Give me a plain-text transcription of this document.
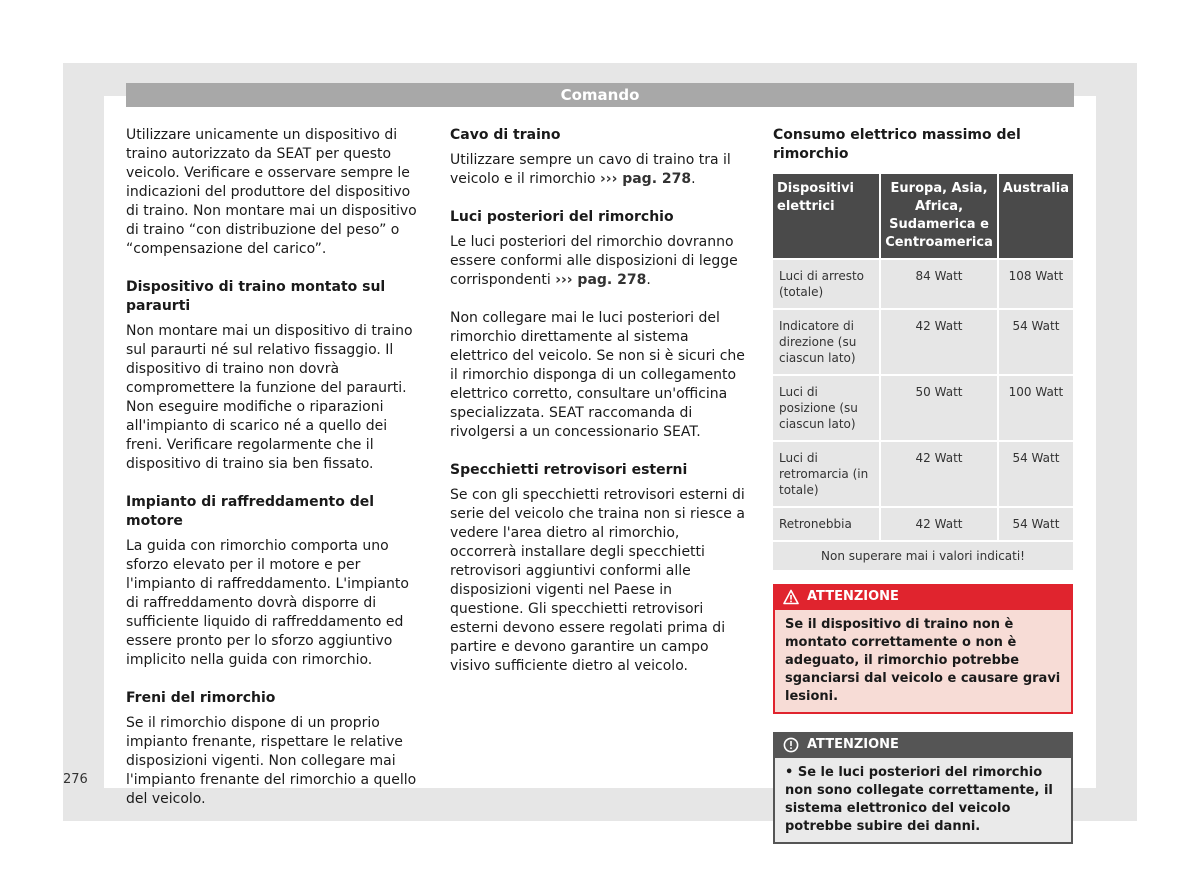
Comando

Utilizzare unicamente un dispositivo di traino autorizzato da SEAT per questo veicolo. Verificare e osservare sempre le indicazioni del produttore del dispositivo di traino. Non montare mai un dispositivo di traino “con distribuzione del peso” o “compensazione del carico”.

Dispositivo di traino montato sul paraurti

Non montare mai un dispositivo di traino sul paraurti né sul relativo fissaggio. Il dispositivo di traino non dovrà compromettere la funzione del paraurti. Non eseguire modifiche o riparazioni all'impianto di scarico né a quello dei freni. Verificare regolarmente che il dispositivo di traino sia ben fissato.

Impianto di raffreddamento del motore

La guida con rimorchio comporta uno sforzo elevato per il motore e per l'impianto di raffreddamento. L'impianto di raffreddamento dovrà disporre di sufficiente liquido di raffreddamento ed essere pronto per lo sforzo aggiuntivo implicito nella guida con rimorchio.

Freni del rimorchio

Se il rimorchio dispone di un proprio impianto frenante, rispettare le relative disposizioni vigenti. Non collegare mai l'impianto frenante del rimorchio a quello del veicolo.

Cavo di traino

Utilizzare sempre un cavo di traino tra il veicolo e il rimorchio ››› pag. 278.

Luci posteriori del rimorchio

Le luci posteriori del rimorchio dovranno essere conformi alle disposizioni di legge corrispondenti ››› pag. 278.

Non collegare mai le luci posteriori del rimorchio direttamente al sistema elettrico del veicolo. Se non si è sicuri che il rimorchio disponga di un collegamento elettrico corretto, consultare un'officina specializzata. SEAT raccomanda di rivolgersi a un concessionario SEAT.

Specchietti retrovisori esterni

Se con gli specchietti retrovisori esterni di serie del veicolo che traina non si riesce a vedere l'area dietro al rimorchio, occorrerà installare degli specchietti retrovisori aggiuntivi conformi alle disposizioni vigenti nel Paese in questione. Gli specchietti retrovisori esterni devono essere regolati prima di partire e devono garantire un campo visivo sufficiente dietro al veicolo.

Consumo elettrico massimo del rimorchio
Dispositivi elettrici	Europa, Asia, Africa, Sudamerica e Centroamerica	Australia
Luci di arresto (totale)	84 Watt	108 Watt
Indicatore di direzione (su ciascun lato)	42 Watt	54 Watt
Luci di posizione (su ciascun lato)	50 Watt	100 Watt
Luci di retromarcia (in totale)	42 Watt	54 Watt
Retronebbia	42 Watt	54 Watt
Non superare mai i valori indicati!		
ATTENZIONE
Se il dispositivo di traino non è montato correttamente o non è adeguato, il rimorchio potrebbe sganciarsi dal veicolo e causare gravi lesioni.
ATTENZIONE
• Se le luci posteriori del rimorchio non sono collegate correttamente, il sistema elettronico del veicolo potrebbe subire dei danni.
276
